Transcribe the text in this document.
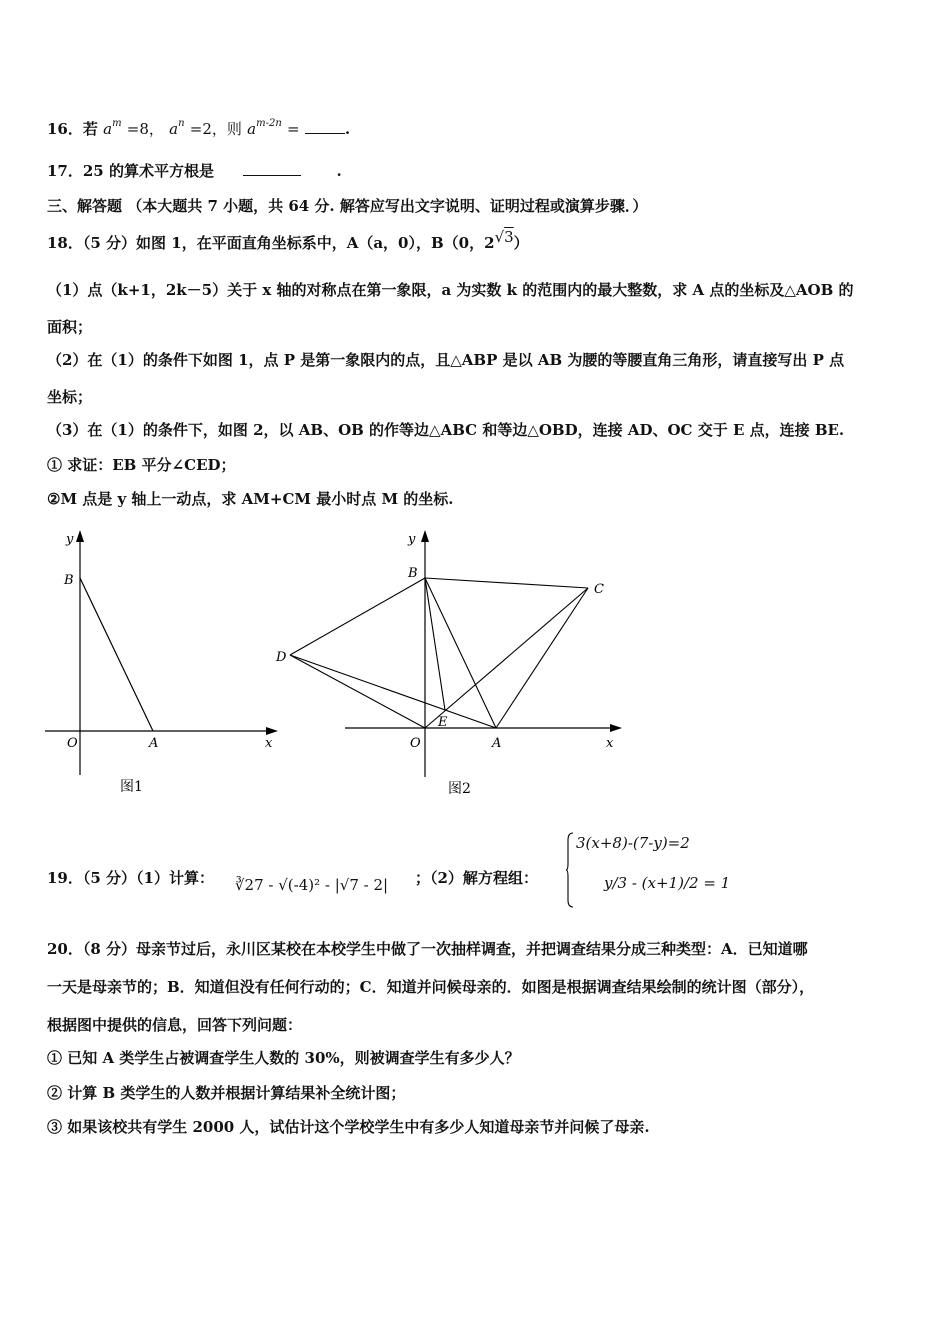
16．若 $a^m =8$， $a^n =2$，则 $a^{m-2n}$ =	.
17．25 的算术平方根是	.
三、解答题 （本大题共 7 小题，共 64 分. 解答应写出文字说明、证明过程或演算步骤．）
18．（5 分）如图 1，在平面直角坐标系中，A（a，0），B（0，2√3）
（1）点（k+1，2k－5）关于 x 轴的对称点在第一象限，a 为实数 k 的范围内的最大整数，求 A 点的坐标及△AOB 的
面积；
（2）在（1）的条件下如图 1，点 P 是第一象限内的点，且△ABP 是以 AB 为腰的等腰直角三角形，请直接写出 P 点
坐标；
（3）在（1）的条件下，如图 2，以 AB、OB 的作等边△ABC 和等边△OBD，连接 AD、OC 交于 E 点，连接 BE.
① 求证：EB 平分∠CED；
②M 点是 y 轴上一动点，求 AM+CM 最小时点 M 的坐标.
y
x
O	A
B
图1
y
x
O	A
B
C
D
E
图2
19．（5 分）（1）计算： ∛27 - √(-4)² - |√7 - 2| ；（2）解方程组：
3(x+8)-(7-y)=2
y/3 - (x+1)/2 = 1
20．（8 分）母亲节过后，永川区某校在本校学生中做了一次抽样调查，并把调查结果分成三种类型：A．已知道哪
一天是母亲节的；B．知道但没有任何行动的；C．知道并问候母亲的．如图是根据调查结果绘制的统计图（部分），
根据图中提供的信息，回答下列问题：
① 已知 A 类学生占被调查学生人数的 30%，则被调查学生有多少人？
② 计算 B 类学生的人数并根据计算结果补全统计图；
③ 如果该校共有学生 2000 人，试估计这个学校学生中有多少人知道母亲节并问候了母亲.
